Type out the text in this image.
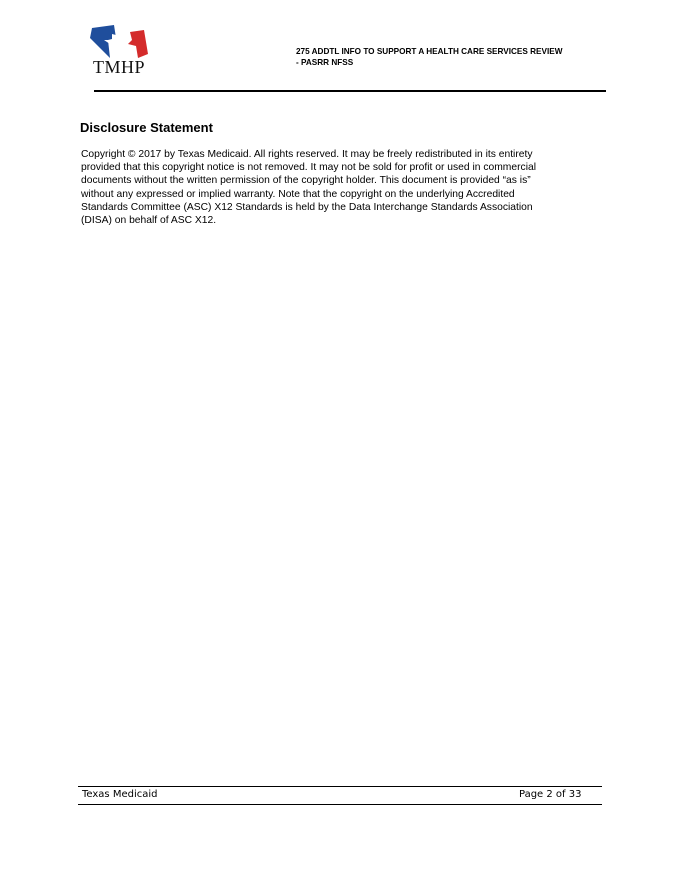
TMHP
275 ADDTL INFO TO SUPPORT A HEALTH CARE SERVICES REVIEW
- PASRR NFSS
Disclosure Statement

Copyright © 2017 by Texas Medicaid. All rights reserved. It may be freely redistributed in its entirety
provided that this copyright notice is not removed. It may not be sold for profit or used in commercial
documents without the written permission of the copyright holder. This document is provided “as is”
without any expressed or implied warranty. Note that the copyright on the underlying Accredited
Standards Committee (ASC) X12 Standards is held by the Data Interchange Standards Association
(DISA) on behalf of ASC X12.

Texas Medicaid	Page 2 of 33
